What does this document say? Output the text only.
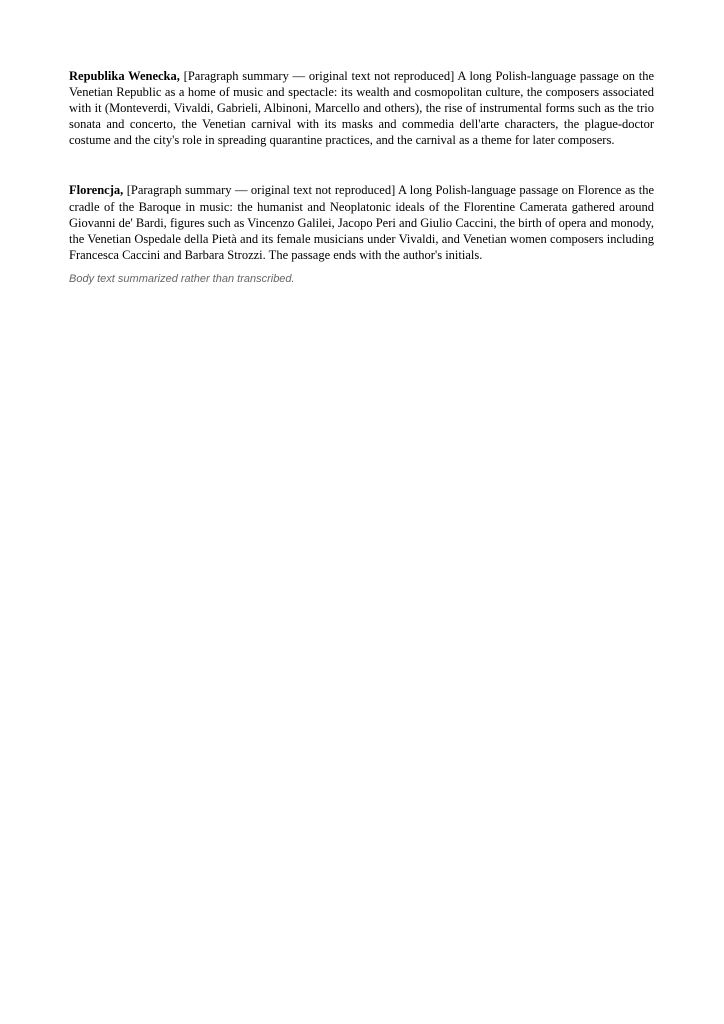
Republika Wenecka, [Paragraph summary — original text not reproduced] A long Polish-language passage on the Venetian Republic as a home of music and spectacle: its wealth and cosmopolitan culture, the composers associated with it (Monteverdi, Vivaldi, Gabrieli, Albinoni, Marcello and others), the rise of instrumental forms such as the trio sonata and concerto, the Venetian carnival with its masks and commedia dell'arte characters, the plague-doctor costume and the city's role in spreading quarantine practices, and the carnival as a theme for later composers.

Florencja, [Paragraph summary — original text not reproduced] A long Polish-language passage on Florence as the cradle of the Baroque in music: the humanist and Neoplatonic ideals of the Florentine Camerata gathered around Giovanni de' Bardi, figures such as Vincenzo Galilei, Jacopo Peri and Giulio Caccini, the birth of opera and monody, the Venetian Ospedale della Pietà and its female musicians under Vivaldi, and Venetian women composers including Francesca Caccini and Barbara Strozzi. The passage ends with the author's initials.

Body text summarized rather than transcribed.
